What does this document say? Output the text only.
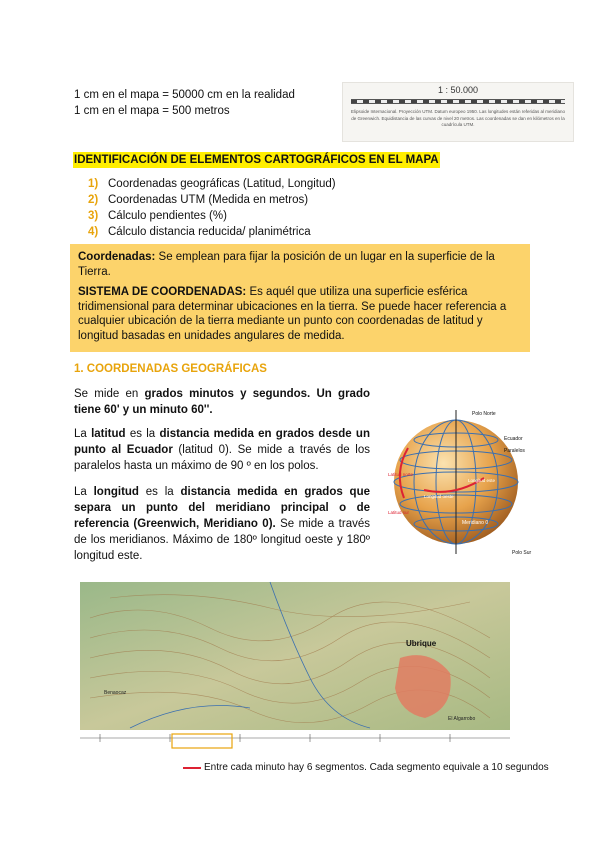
1 cm en el mapa = 50000 cm en la realidad
1 cm en el mapa = 500 metros
1 : 50.000
Elipsoide Internacional. Proyección UTM. Datum europeo 1950. Las longitudes están referidas al meridiano de Greenwich. Equidistancia de las curvas de nivel 20 metros. Las coordenadas se dan en kilómetros en la cuadrícula UTM.
IDENTIFICACIÓN DE ELEMENTOS CARTOGRÁFICOS EN EL MAPA
1) Coordenadas geográficas (Latitud, Longitud)
2) Coordenadas UTM (Medida en metros)
3) Cálculo pendientes (%)
4) Cálculo distancia reducida/ planimétrica

Coordenadas: Se emplean para fijar la posición de un lugar en la superficie de la Tierra.

SISTEMA DE COORDENADAS: Es aquél que utiliza una superficie esférica tridimensional para determinar ubicaciones en la tierra. Se puede hacer referencia a cualquier ubicación de la tierra mediante un punto con coordenadas de latitud y longitud basadas en unidades angulares de medida.

1. COORDENADAS GEOGRÁFICAS
Se mide en grados minutos y segundos. Un grado tiene 60' y un minuto 60''.
La latitud es la distancia medida en grados desde un punto al Ecuador (latitud 0). Se mide a través de los paralelos hasta un máximo de 90 º en los polos.
La longitud es la distancia medida en grados que separa un punto del meridiano principal o de referencia (Greenwich, Meridiano 0). Se mide a través de los meridianos. Máximo de 180º longitud oeste y 180º longitud este.
Polo Norte
Ecuador
Paralelos
Meridiano 0
Polo Sur
Longitud oeste
Longitud este
Latitud norte
Latitud sur
Ubrique
El Algarrobo
Benaocaz
Entre cada minuto hay 6 segmentos. Cada segmento equivale a 10 segundos
